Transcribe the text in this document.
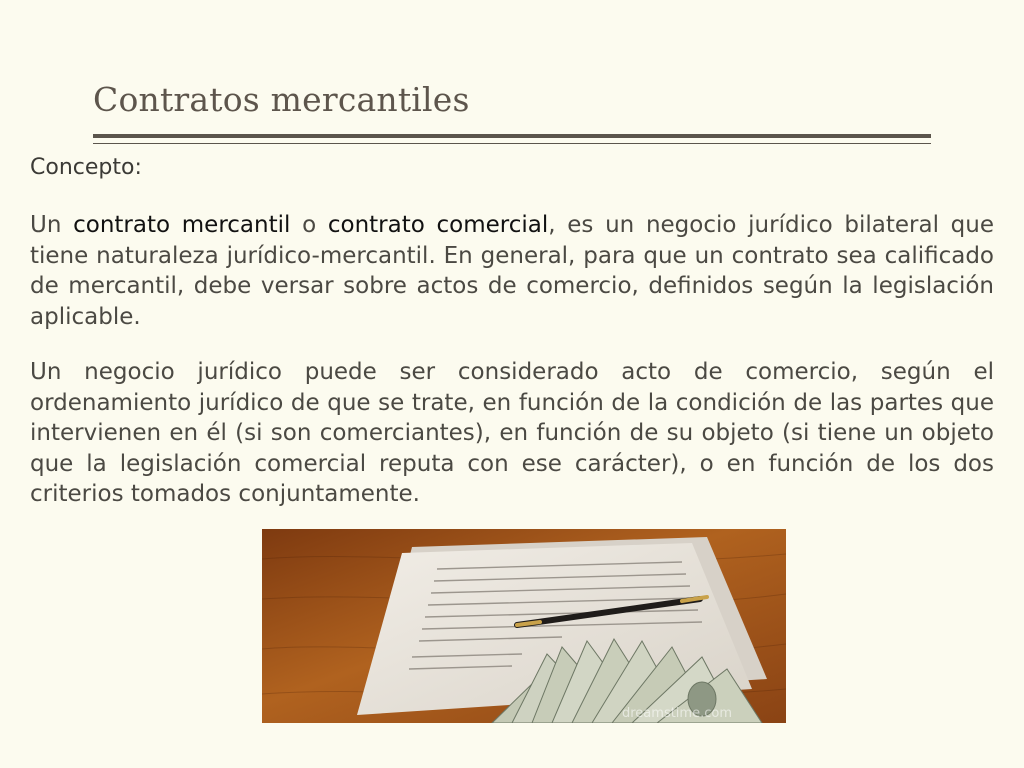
Contratos mercantiles
Concepto:

Un contrato mercantil o contrato comercial, es un negocio jurídico bilateral que tiene naturaleza jurídico-mercantil. En general, para que un contrato sea calificado de mercantil, debe versar sobre actos de comercio, definidos según la legislación aplicable.

Un negocio jurídico puede ser considerado acto de comercio, según el ordenamiento jurídico de que se trate, en función de la condición de las partes que intervienen en él (si son comerciantes), en función de su objeto (si tiene un objeto que la legislación comercial reputa con ese carácter), o en función de los dos criterios tomados conjuntamente.

dreamstime.com
